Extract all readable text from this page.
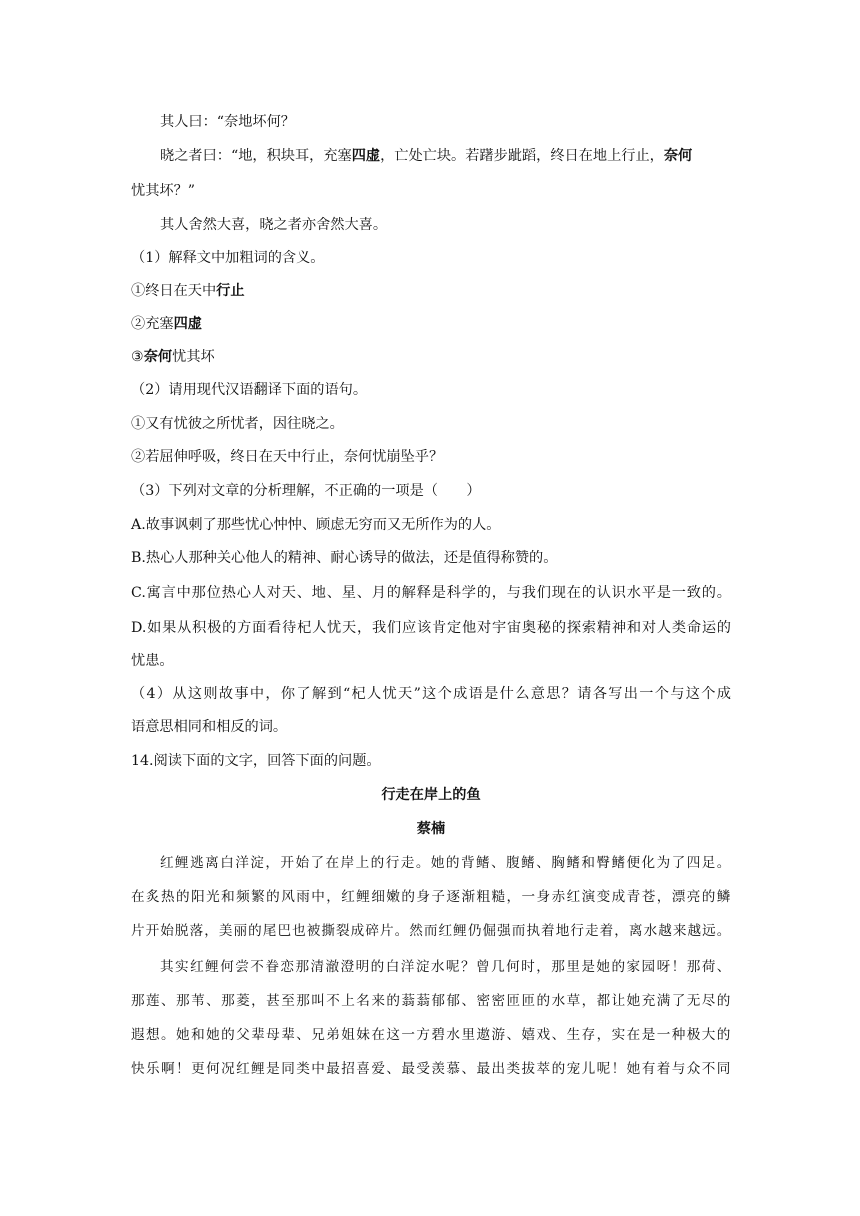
其人曰：“奈地坏何？
晓之者曰：“地，积块耳，充塞四虚，亡处亡块。若躇步跐蹈，终日在地上行止，奈何
忧其坏？”
其人舍然大喜，晓之者亦舍然大喜。
（1）解释文中加粗词的含义。
①终日在天中行止
②充塞四虚
③奈何忧其坏
（2）请用现代汉语翻译下面的语句。
①又有忧彼之所忧者，因往晓之。
②若屈伸呼吸，终日在天中行止，奈何忧崩坠乎？
（3）下列对文章的分析理解，不正确的一项是（　　）
A.故事讽刺了那些忧心忡忡、顾虑无穷而又无所作为的人。
B.热心人那种关心他人的精神、耐心诱导的做法，还是值得称赞的。
C.寓言中那位热心人对天、地、星、月的解释是科学的，与我们现在的认识水平是一致的。
D.如果从积极的方面看待杞人忧天，我们应该肯定他对宇宙奥秘的探索精神和对人类命运的
忧患。
（4）从这则故事中，你了解到“杞人忧天”这个成语是什么意思？请各写出一个与这个成
语意思相同和相反的词。
14.阅读下面的文字，回答下面的问题。
行走在岸上的鱼
蔡楠
红鲤逃离白洋淀，开始了在岸上的行走。她的背鳍、腹鳍、胸鳍和臀鳍便化为了四足。
在炙热的阳光和频繁的风雨中，红鲤细嫩的身子逐渐粗糙，一身赤红演变成青苍，漂亮的鳞
片开始脱落，美丽的尾巴也被撕裂成碎片。然而红鲤仍倔强而执着地行走着，离水越来越远。
其实红鲤何尝不眷恋那清澈澄明的白洋淀水呢？曾几何时，那里是她的家园呀！那荷、
那莲、那苇、那菱，甚至那叫不上名来的蓊蓊郁郁、密密匝匝的水草，都让她充满了无尽的
遐想。她和她的父辈母辈、兄弟姐妹在这一方碧水里遨游、嬉戏、生存，实在是一种极大的
快乐啊！更何况红鲤是同类中最招喜爱、最受羡慕、最出类拔萃的宠儿呢！她有着与众不同
